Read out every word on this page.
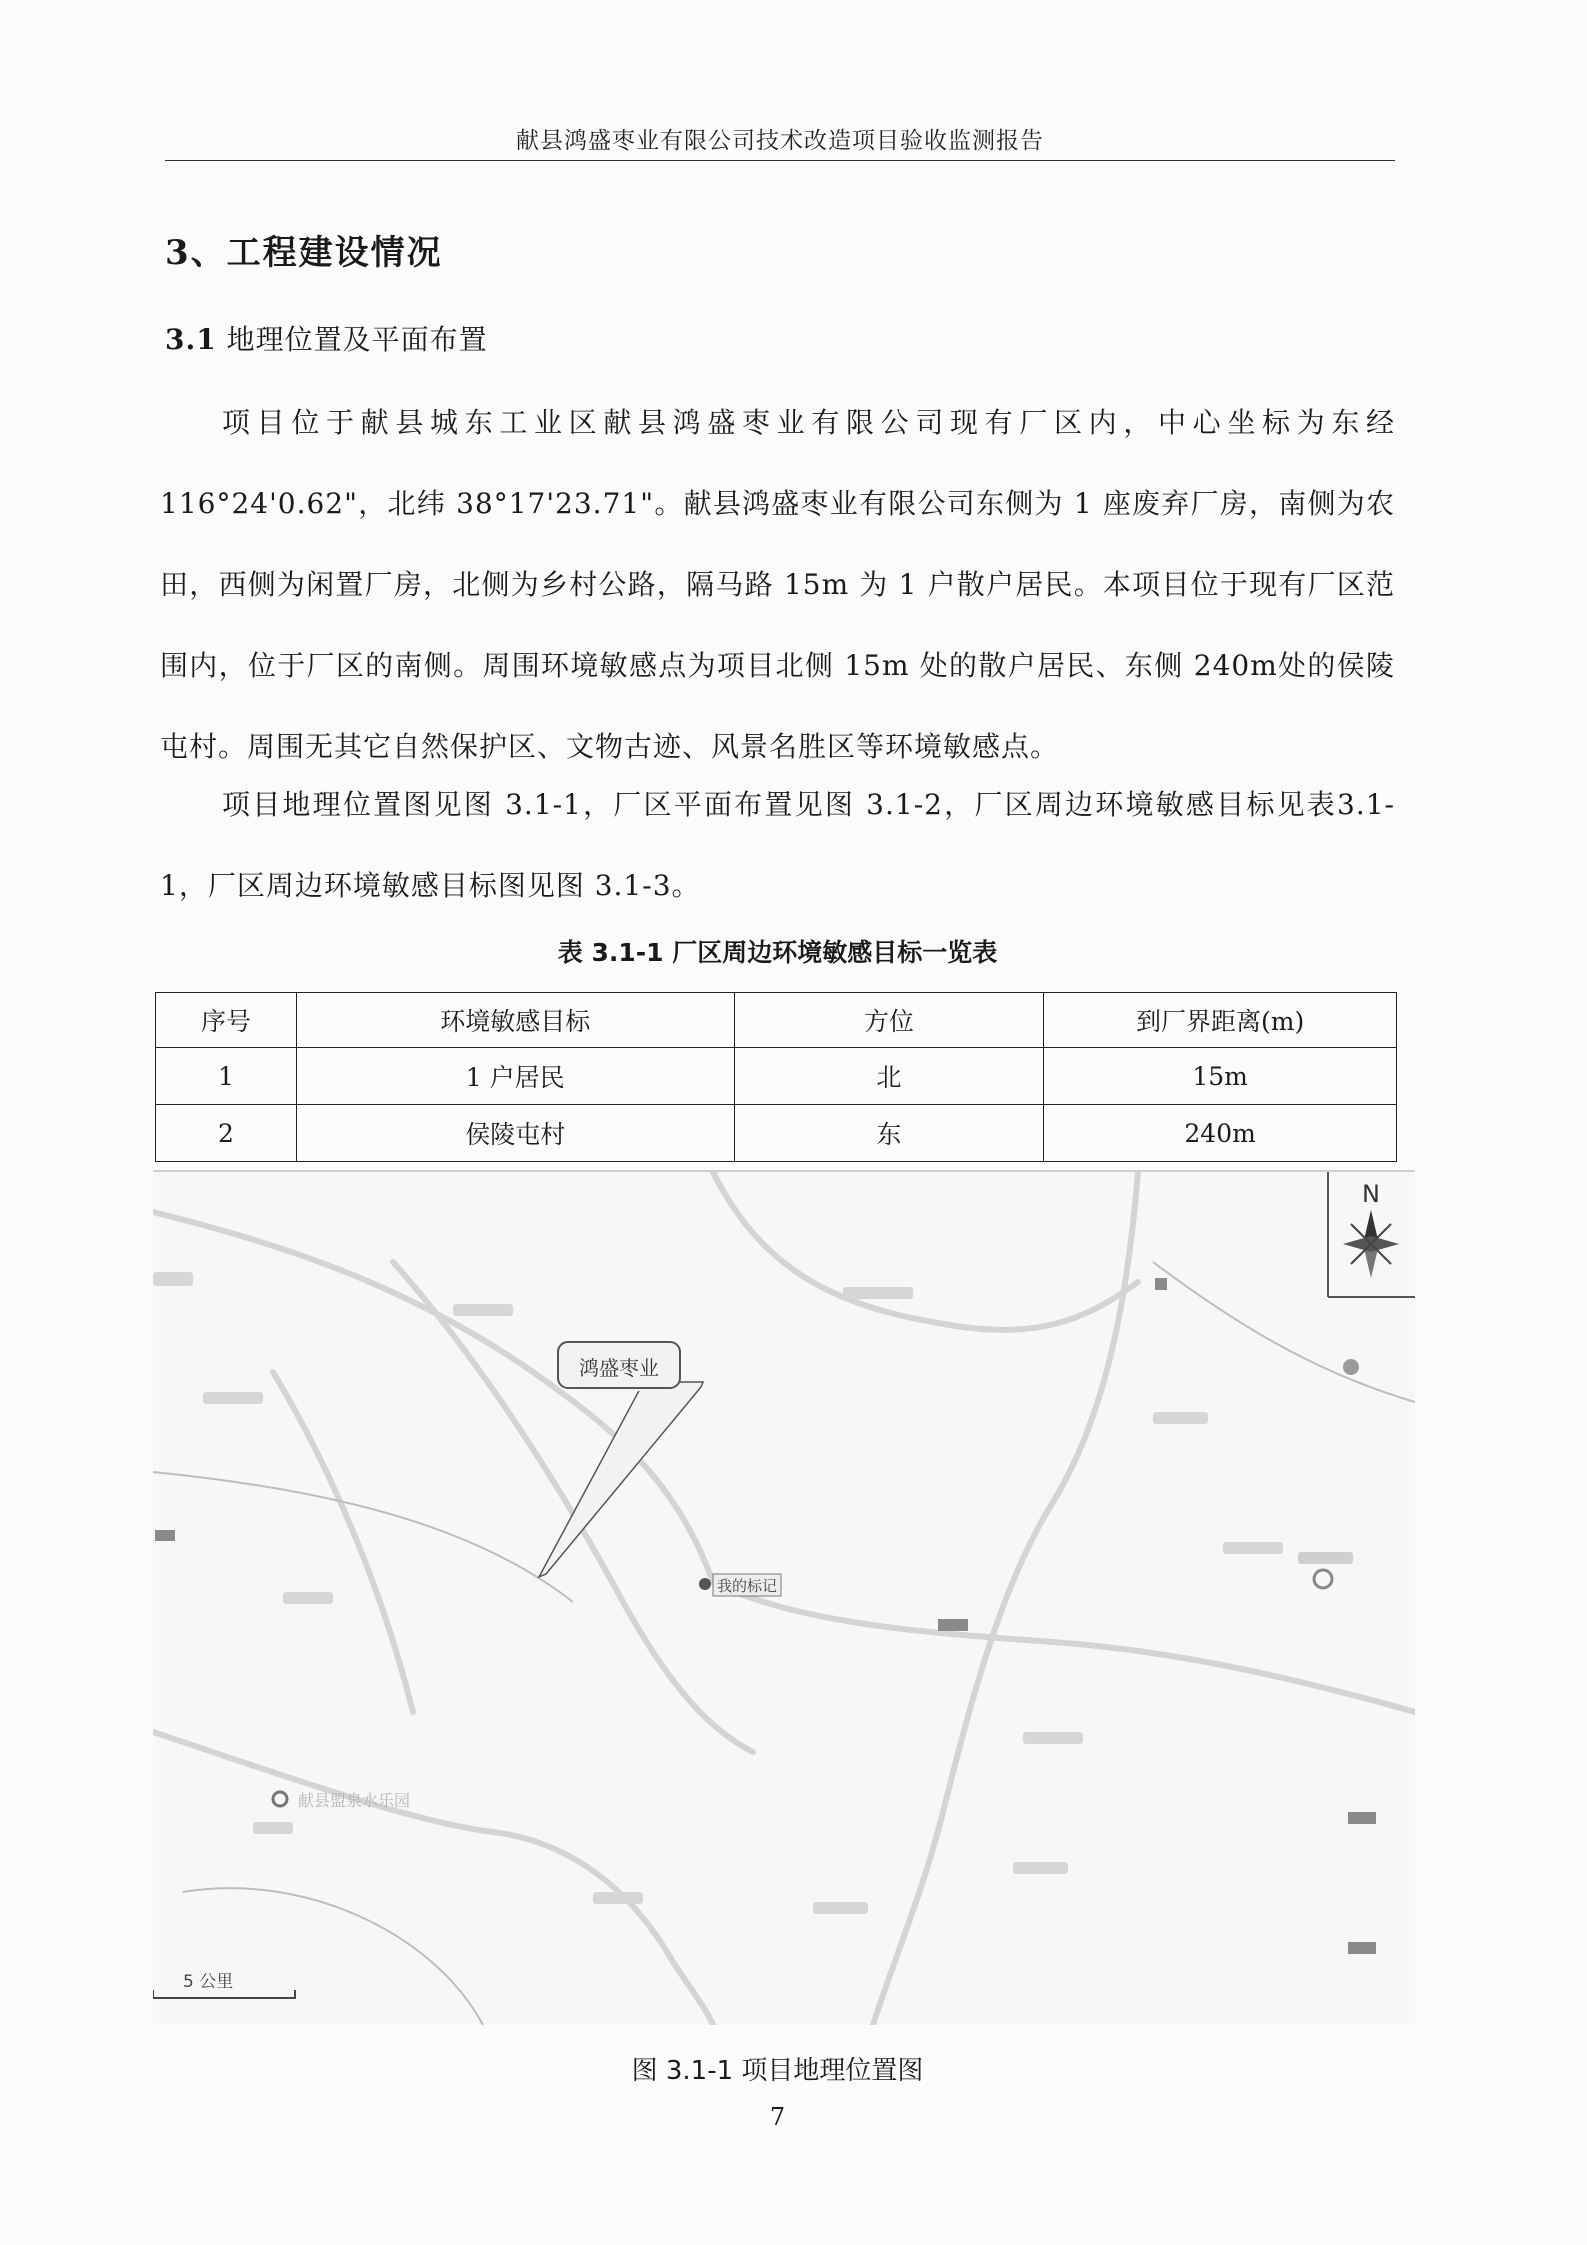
献县鸿盛枣业有限公司技术改造项目验收监测报告
3、工程建设情况
3.1 地理位置及平面布置

项目位于献县城东工业区献县鸿盛枣业有限公司现有厂区内，中心坐标为东经116°24'0.62"，北纬 38°17'23.71"。献县鸿盛枣业有限公司东侧为 1 座废弃厂房，南侧为农田，西侧为闲置厂房，北侧为乡村公路，隔马路 15m 为 1 户散户居民。本项目位于现有厂区范围内，位于厂区的南侧。周围环境敏感点为项目北侧 15m 处的散户居民、东侧 240m处的侯陵屯村。周围无其它自然保护区、文物古迹、风景名胜区等环境敏感点。

项目地理位置图见图 3.1-1，厂区平面布置见图 3.1-2，厂区周边环境敏感目标见表3.1-1，厂区周边环境敏感目标图见图 3.1-3。

表 3.1-1 厂区周边环境敏感目标一览表
序号	环境敏感目标	方位	到厂界距离(m)
1	1 户居民	北	15m
2	侯陵屯村	东	240m
N
鸿盛枣业
我的标记
献县盟泉水乐园
5 公里
图 3.1-1 项目地理位置图
7
